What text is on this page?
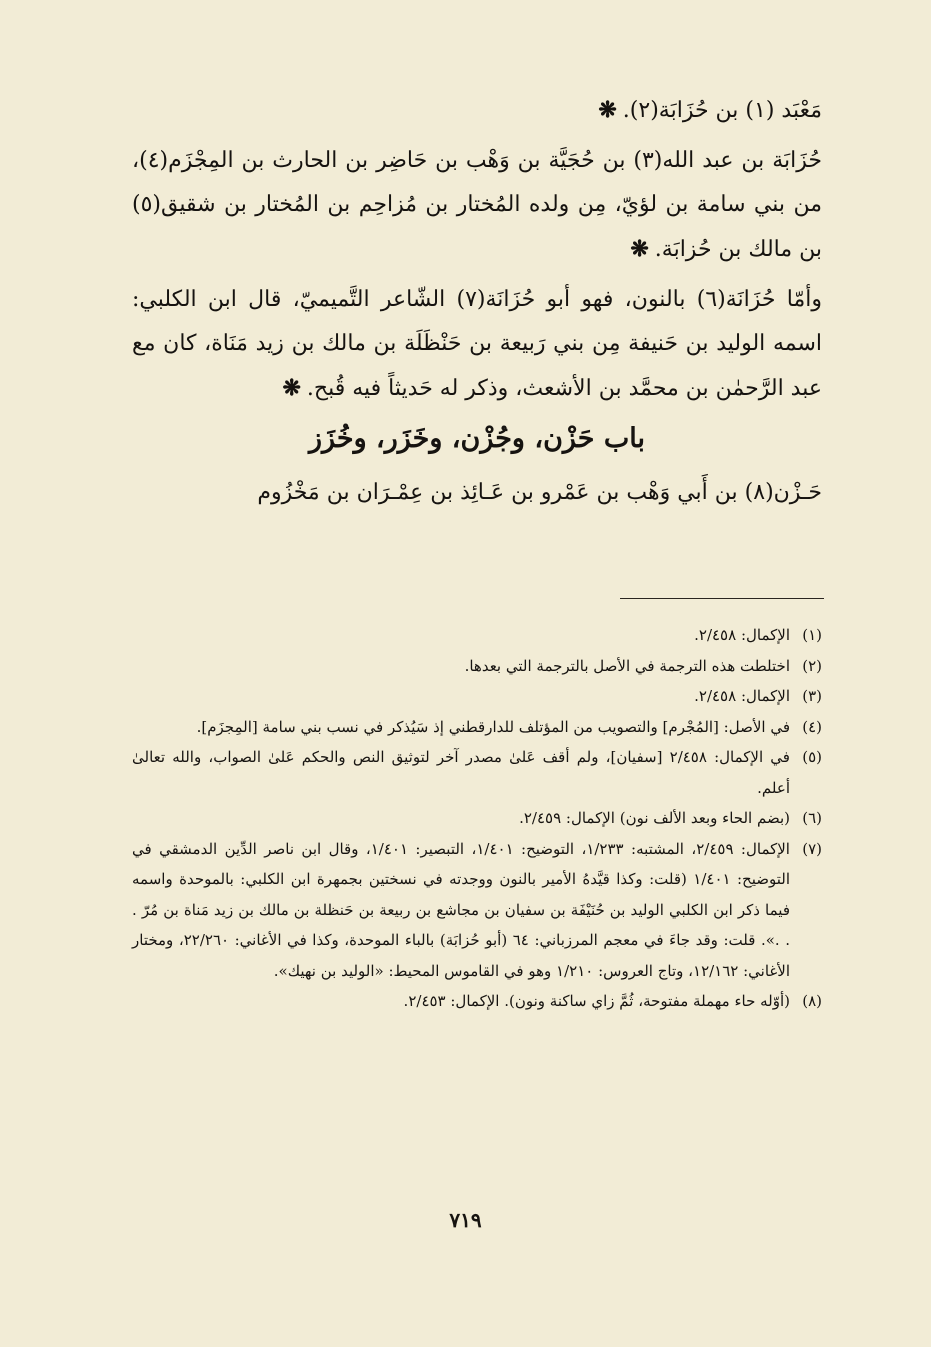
مَعْبَد (١) بن حُزَابَة(٢).❋

حُزَابَة بن عبد الله(٣) بن حُجَيَّة بن وَهْب بن حَاضِر بن الحارث بن المِجْزَم(٤)، من بني سامة بن لؤيّ، مِن ولده المُختار بن مُزاحِم بن المُختار بن شقيق(٥) بن مالك بن حُزابَة.❋

وأمّا حُزَانَة(٦) بالنون، فهو أبو حُزَانَة(٧) الشّاعر التَّميميّ، قال ابن الكلبي: اسمه الوليد بن حَنيفة مِن بني رَبيعة بن حَنْظَلَة بن مالك بن زيد مَنَاة، كان مع عبد الرَّحمٰن بن محمَّد بن الأشعث، وذكر له حَديثاً فيه قُبح.❋

باب حَزْن، وجُزْن، وخَزَر، وخُزَز

حَـزْن(٨) بن أَبي وَهْب بن عَمْرو بن عَـائِذ بن عِمْـرَان بن مَخْزُوم

(١)
الإكمال: ٢/٤٥٨.
(٢)
اختلطت هذه الترجمة في الأصل بالترجمة التي بعدها.
(٣)
الإكمال: ٢/٤٥٨.
(٤)
في الأصل: [المُجْرم] والتصويب من المؤتلف للدارقطني إذ سَيُذكر في نسب بني سامة [المِجزَم].
(٥)
في الإكمال: ٢/٤٥٨ [سفيان]، ولم أقف عَلىٰ مصدر آخر لتوثيق النص والحكم عَلىٰ الصواب، والله تعالىٰ أعلم.
(٦)
(بضم الحاء وبعد الألف نون) الإكمال: ٢/٤٥٩.
(٧)
الإكمال: ٢/٤٥٩، المشتبه: ١/٢٣٣، التوضيح: ١/٤٠١، التبصير: ١/٤٠١، وقال ابن ناصر الدِّين الدمشقي في التوضيح: ١/٤٠١ (قلت: وكذا قيَّدهُ الأمير بالنون ووجدته في نسختين بجمهرة ابن الكلبي: بالموحدة واسمه فيما ذكر ابن الكلبي الوليد بن حُنَيْفَة بن سفيان بن مجاشع بن ربيعة بن حَنظلة بن مالك بن زيد مَناة بن مُرّ . . .». قلت: وقد جاءَ في معجم المرزباني: ٦٤ (أبو حُزابَة) بالباء الموحدة، وكذا في الأغاني: ٢٢/٢٦٠، ومختار الأغاني: ١٢/١٦٢، وتاج العروس: ١/٢١٠ وهو في القاموس المحيط: «الوليد بن نهيك».
(٨)
(أوّله حاء مهملة مفتوحة، ثُمَّ زاي ساكنة ونون). الإكمال: ٢/٤٥٣.
٧١٩
